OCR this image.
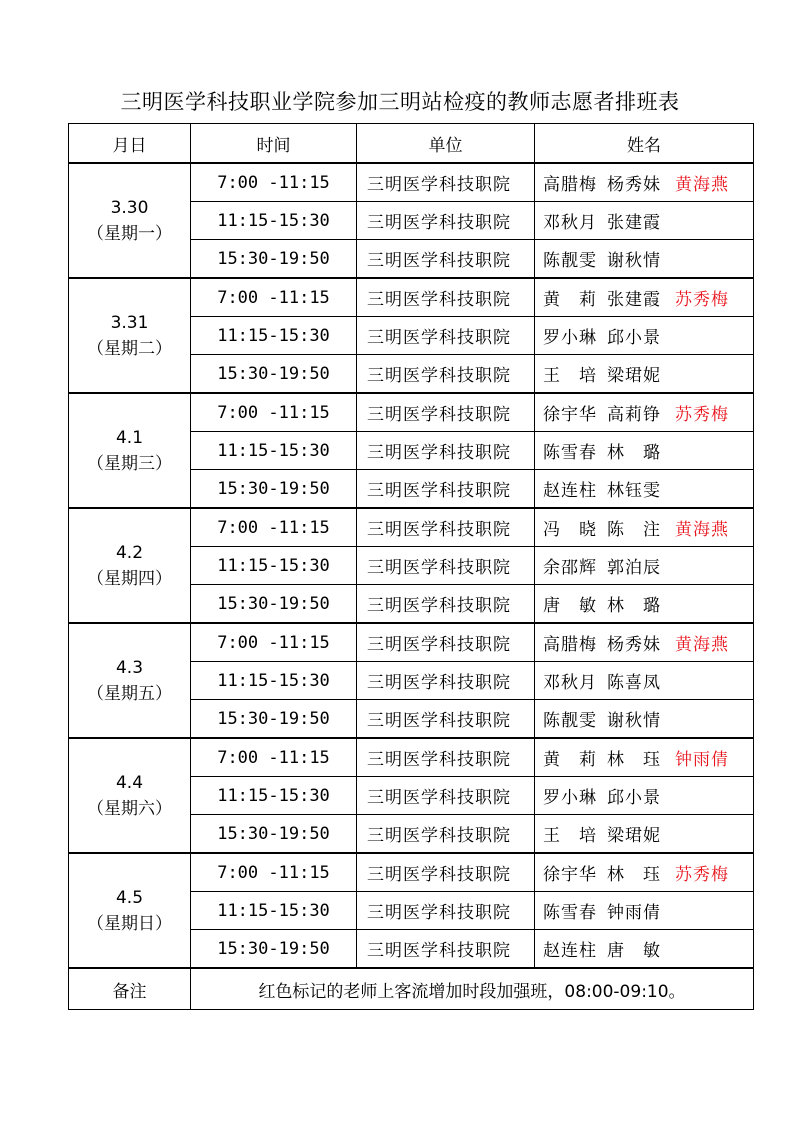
三明医学科技职业学院参加三明站检疫的教师志愿者排班表
月日	时间	单位	姓名

3.30
（星期一）	7:00 -11:15	三明医学科技职院	高腊梅 杨秀妹 黄海燕
	11:15-15:30	三明医学科技职院	邓秋月 张建霞
	15:30-19:50	三明医学科技职院	陈靓雯 谢秋情

3.31
（星期二）	7:00 -11:15	三明医学科技职院	黄　莉 张建霞 苏秀梅
	11:15-15:30	三明医学科技职院	罗小琳 邱小景
	15:30-19:50	三明医学科技职院	王　培 梁珺妮

4.1
（星期三）	7:00 -11:15	三明医学科技职院	徐宇华 高莉铮 苏秀梅
	11:15-15:30	三明医学科技职院	陈雪春 林　璐
	15:30-19:50	三明医学科技职院	赵连柱 林钰雯

4.2
（星期四）	7:00 -11:15	三明医学科技职院	冯　晓 陈　注 黄海燕
	11:15-15:30	三明医学科技职院	余邵辉 郭泊辰
	15:30-19:50	三明医学科技职院	唐　敏 林　璐

4.3
（星期五）	7:00 -11:15	三明医学科技职院	高腊梅 杨秀妹 黄海燕
	11:15-15:30	三明医学科技职院	邓秋月 陈喜凤
	15:30-19:50	三明医学科技职院	陈靓雯 谢秋情

4.4
（星期六）	7:00 -11:15	三明医学科技职院	黄　莉 林　珏 钟雨倩
	11:15-15:30	三明医学科技职院	罗小琳 邱小景
	15:30-19:50	三明医学科技职院	王　培 梁珺妮

4.5
（星期日）	7:00 -11:15	三明医学科技职院	徐宇华 林　珏 苏秀梅
	11:15-15:30	三明医学科技职院	陈雪春 钟雨倩
	15:30-19:50	三明医学科技职院	赵连柱 唐　敏
备注	红色标记的老师上客流增加时段加强班，08:00-09:10。		
